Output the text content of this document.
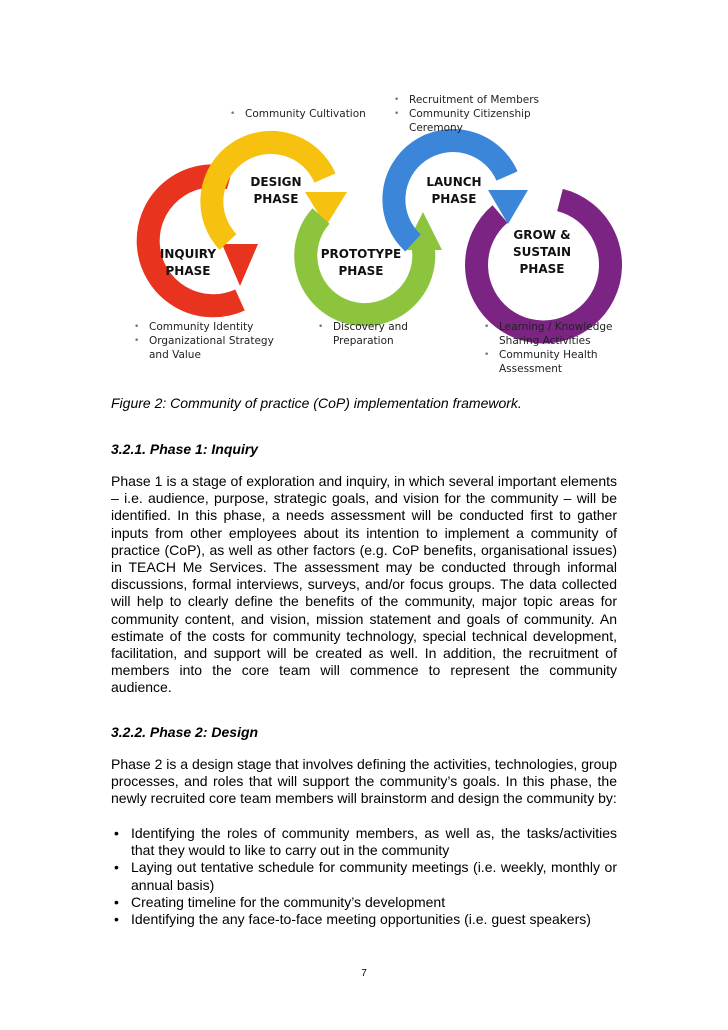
INQUIRY
PHASE
DESIGN
PHASE
PROTOTYPE
PHASE
LAUNCH
PHASE
GROW &
SUSTAIN
PHASE
• Community Cultivation
• Recruitment of Members
• Community Citizenship Ceremony
• Community Identity
• Organizational Strategy and Value
• Discovery and Preparation
• Learning / Knowledge Sharing Activities
• Community Health Assessment
Figure 2: Community of practice (CoP) implementation framework.
3.2.1. Phase 1: Inquiry
Phase 1 is a stage of exploration and inquiry, in which several important elements – i.e. audience, purpose, strategic goals, and vision for the community – will be identified. In this phase, a needs assessment will be conducted first to gather inputs from other employees about its intention to implement a community of practice (CoP), as well as other factors (e.g. CoP benefits, organisational issues) in TEACH Me Services. The assessment may be conducted through informal discussions, formal interviews, surveys, and/or focus groups. The data collected will help to clearly define the benefits of the community, major topic areas for community content, and vision, mission statement and goals of community. An estimate of the costs for community technology, special technical development, facilitation, and support will be created as well. In addition, the recruitment of members into the core team will commence to represent the community audience.
3.2.2. Phase 2: Design
Phase 2 is a design stage that involves defining the activities, technologies, group processes, and roles that will support the community’s goals. In this phase, the newly recruited core team members will brainstorm and design the community by:
• Identifying the roles of community members, as well as, the tasks/activities that they would to like to carry out in the community
• Laying out tentative schedule for community meetings (i.e. weekly, monthly or annual basis)
• Creating timeline for the community’s development
• Identifying the any face-to-face meeting opportunities (i.e. guest speakers)
7
